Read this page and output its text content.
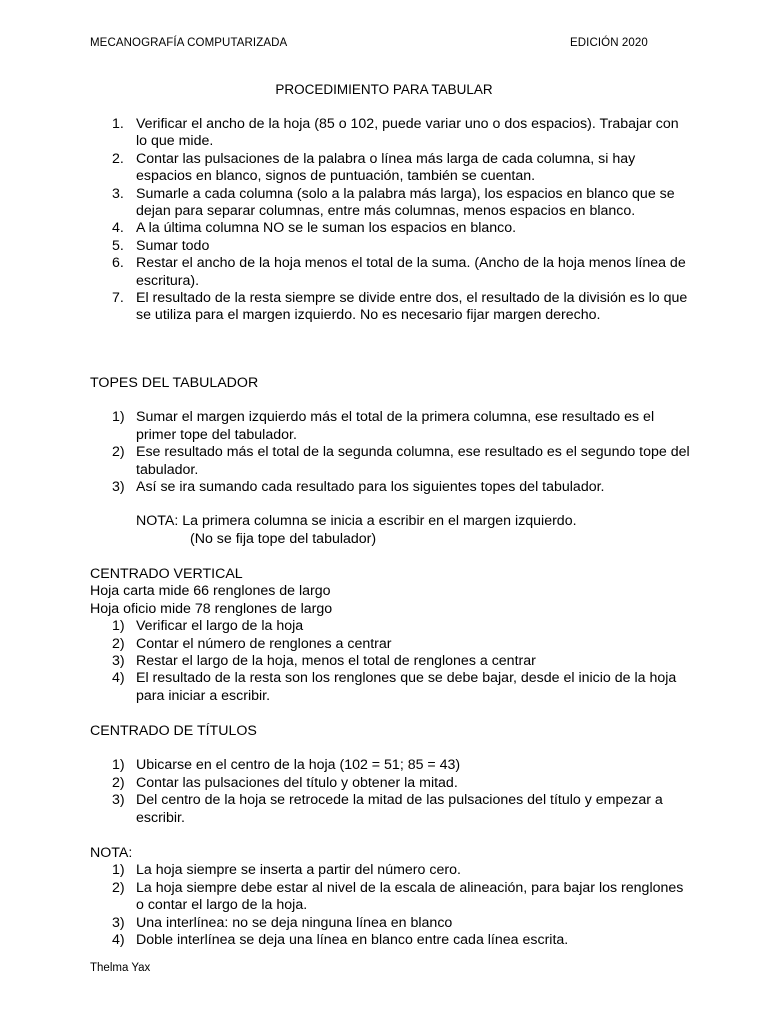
MECANOGRAFÍA COMPUTARIZADA	EDICIÓN 2020
PROCEDIMIENTO PARA TABULAR
1. Verificar el ancho de la hoja (85 o 102, puede variar uno o dos espacios). Trabajar con lo que mide.
2. Contar las pulsaciones de la palabra o línea más larga de cada columna, si hay espacios en blanco, signos de puntuación, también se cuentan.
3. Sumarle a cada columna (solo a la palabra más larga), los espacios en blanco que se dejan para separar columnas, entre más columnas, menos espacios en blanco.
4. A la última columna NO se le suman los espacios en blanco.
5. Sumar todo
6. Restar el ancho de la hoja menos el total de la suma. (Ancho de la hoja menos línea de escritura).
7. El resultado de la resta siempre se divide entre dos, el resultado de la división es lo que se utiliza para el margen izquierdo. No es necesario fijar margen derecho.

TOPES DEL TABULADOR

1) Sumar el margen izquierdo más el total de la primera columna, ese resultado es el primer tope del tabulador.
2) Ese resultado más el total de la segunda columna, ese resultado es el segundo tope del tabulador.
3) Así se ira sumando cada resultado para los siguientes topes del tabulador.

NOTA: La primera columna se inicia a escribir en el margen izquierdo.

(No se fija tope del tabulador)

CENTRADO VERTICAL

Hoja carta mide 66 renglones de largo

Hoja oficio mide 78 renglones de largo

1) Verificar el largo de la hoja
2) Contar el número de renglones a centrar
3) Restar el largo de la hoja, menos el total de renglones a centrar
4) El resultado de la resta son los renglones que se debe bajar, desde el inicio de la hoja para iniciar a escribir.

CENTRADO DE TÍTULOS

1) Ubicarse en el centro de la hoja (102 = 51; 85 = 43)
2) Contar las pulsaciones del título y obtener la mitad.
3) Del centro de la hoja se retrocede la mitad de las pulsaciones del título y empezar a escribir.

NOTA:

1) La hoja siempre se inserta a partir del número cero.
2) La hoja siempre debe estar al nivel de la escala de alineación, para bajar los renglones o contar el largo de la hoja.
3) Una interlínea: no se deja ninguna línea en blanco
4) Doble interlínea se deja una línea en blanco entre cada línea escrita.
Thelma Yax
